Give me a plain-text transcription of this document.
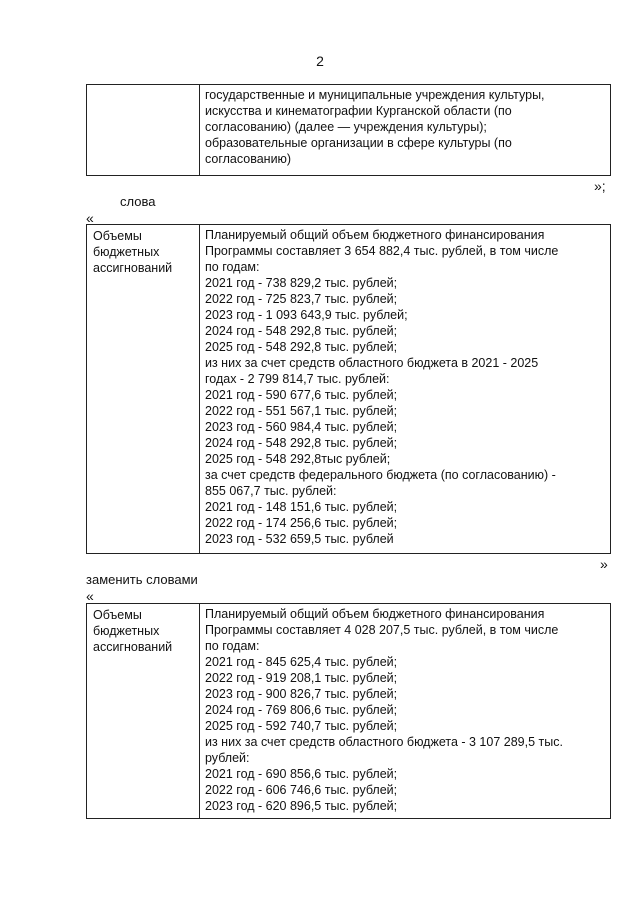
2

государственные и муниципальные учреждения культуры,
искусства и кинематографии Курганской области (по
согласованию) (далее — учреждения культуры);
образовательные организации в сфере культуры (по
согласованию)
»;
слова
«
Объемы
бюджетных
ассигнований

Планируемый общий объем бюджетного финансирования
Программы составляет 3 654 882,4 тыс. рублей, в том числе
по годам:
2021 год - 738 829,2 тыс. рублей;
2022 год - 725 823,7 тыс. рублей;
2023 год - 1 093 643,9 тыс. рублей;
2024 год - 548 292,8 тыс. рублей;
2025 год - 548 292,8 тыс. рублей;
из них за счет средств областного бюджета в 2021 - 2025
годах - 2 799 814,7 тыс. рублей:
2021 год - 590 677,6 тыс. рублей;
2022 год - 551 567,1 тыс. рублей;
2023 год - 560 984,4 тыс. рублей;
2024 год - 548 292,8 тыс. рублей;
2025 год - 548 292,8тыс рублей;
за счет средств федерального бюджета (по согласованию) -
855 067,7 тыс. рублей:
2021 год - 148 151,6 тыс. рублей;
2022 год - 174 256,6 тыс. рублей;
2023 год - 532 659,5 тыс. рублей
»
заменить словами
«
Объемы
бюджетных
ассигнований

Планируемый общий объем бюджетного финансирования
Программы составляет 4 028 207,5 тыс. рублей, в том числе
по годам:
2021 год - 845 625,4 тыс. рублей;
2022 год - 919 208,1 тыс. рублей;
2023 год - 900 826,7 тыс. рублей;
2024 год - 769 806,6 тыс. рублей;
2025 год - 592 740,7 тыс. рублей;
из них за счет средств областного бюджета - 3 107 289,5 тыс.
рублей:
2021 год - 690 856,6 тыс. рублей;
2022 год - 606 746,6 тыс. рублей;
2023 год - 620 896,5 тыс. рублей;
